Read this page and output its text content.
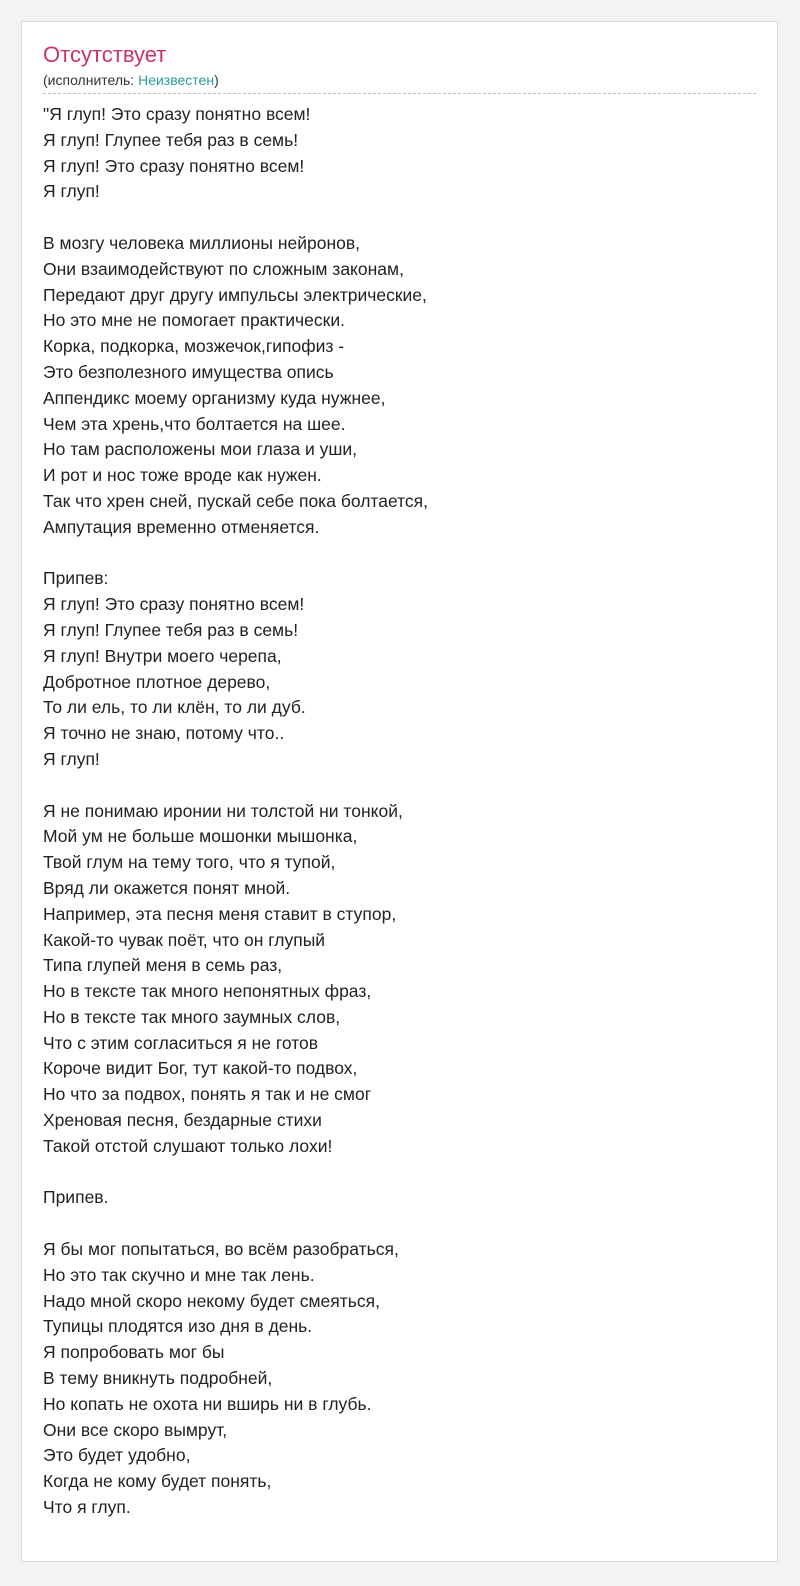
Отсутствует
(исполнитель: Неизвестен)
"Я глуп! Это сразу понятно всем!
Я глуп! Глупее тебя раз в семь!
Я глуп! Это сразу понятно всем!
Я глуп!
В мозгу человека миллионы нейронов,
Они взаимодействуют по сложным законам,
Передают друг другу импульсы электрические,
Но это мне не помогает практически.
Корка, подкорка, мозжечок,гипофиз -
Это безполезного имущества опись
Аппендикс моему организму куда нужнее,
Чем эта хрень,что болтается на шее.
Но там расположены мои глаза и уши,
И рот и нос тоже вроде как нужен.
Так что хрен сней, пускай себе пока болтается,
Ампутация временно отменяется.
Припев:
Я глуп! Это сразу понятно всем!
Я глуп! Глупее тебя раз в семь!
Я глуп! Внутри моего черепа,
Добротное плотное дерево,
То ли ель, то ли клён, то ли дуб.
Я точно не знаю, потому что..
Я глуп!
Я не понимаю иронии ни толстой ни тонкой,
Мой ум не больше мошонки мышонка,
Твой глум на тему того, что я тупой,
Вряд ли окажется понят мной.
Например, эта песня меня ставит в ступор,
Какой-то чувак поёт, что он глупый
Типа глупей меня в семь раз,
Но в тексте так много непонятных фраз,
Но в тексте так много заумных слов,
Что с этим согласиться я не готов
Короче видит Бог, тут какой-то подвох,
Но что за подвох, понять я так и не смог
Хреновая песня, бездарные стихи
Такой отстой слушают только лохи!
Припев.
Я бы мог попытаться, во всём разобраться,
Но это так скучно и мне так лень.
Надо мной скоро некому будет смеяться,
Тупицы плодятся изо дня в день.
Я попробовать мог бы
В тему вникнуть подробней,
Но копать не охота ни вширь ни в глубь.
Они все скоро вымрут,
Это будет удобно,
Когда не кому будет понять,
Что я глуп.
